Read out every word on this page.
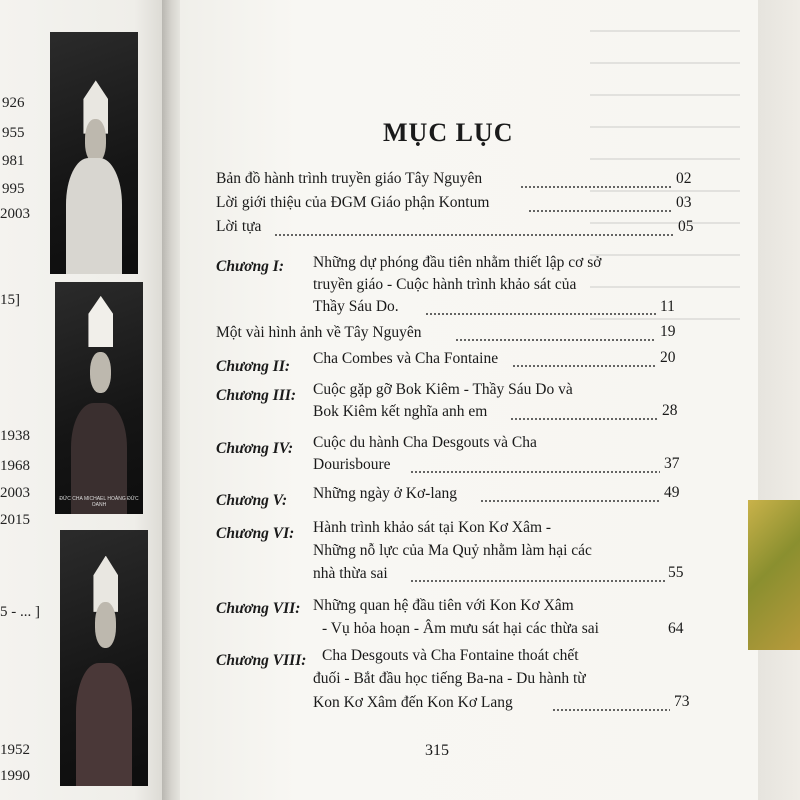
926
955
981
995
2003
15]
1938
1968
2003
2015
5 - ... ]
1952
1990
ĐỨC CHA MICHAEL HOÀNG ĐỨC OANH
MỤC LỤC
Bản đồ hành trình truyền giáo Tây Nguyên	02
Lời giới thiệu của ĐGM Giáo phận Kontum	03
Lời tựa	05
Chương I: Những dự phóng đầu tiên nhằm thiết lập cơ sở
truyền giáo - Cuộc hành trình khảo sát của
Thầy Sáu Do.	11
Một vài hình ảnh về Tây Nguyên	19
Chương II: Cha Combes và Cha Fontaine	20
Chương III: Cuộc gặp gỡ Bok Kiêm - Thầy Sáu Do và
Bok Kiêm kết nghĩa anh em	28
Chương IV: Cuộc du hành Cha Desgouts và Cha
Dourisboure	37
Chương V: Những ngày ở Kơ-lang	49
Chương VI: Hành trình khảo sát tại Kon Kơ Xâm -
Những nỗ lực của Ma Quỷ nhằm làm hại các
nhà thừa sai	55
Chương VII: Những quan hệ đầu tiên với Kon Kơ Xâm
- Vụ hỏa hoạn - Âm mưu sát hại các thừa sai	64
Chương VIII: Cha Desgouts và Cha Fontaine thoát chết
đuối - Bắt đầu học tiếng Ba-na - Du hành từ
Kon Kơ Xâm đến Kon Kơ Lang	73
315
